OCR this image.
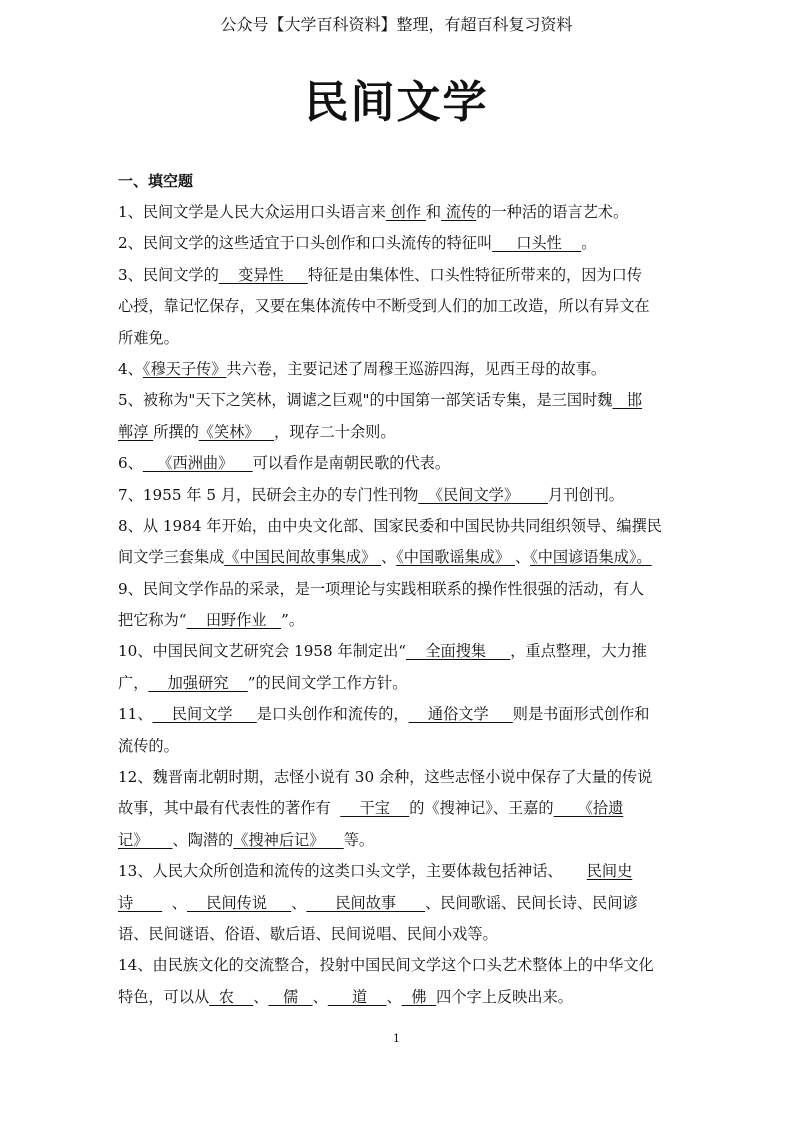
公众号【大学百科资料】整理，有超百科复习资料
民间文学
一、填空题
1、民间文学是人民大众运用口头语言来 创作 和 流传的一种活的语言艺术。
2、民间文学的这些适宜于口头创作和口头流传的特征叫     口头性    。
3、民间文学的    变异性     特征是由集体性、口头性特征所带来的，因为口传
心授，靠记忆保存，又要在集体流传中不断受到人们的加工改造，所以有异文在
所难免。
4、《穆天子传》共六卷，主要记述了周穆王巡游四海，见西王母的故事。
5、被称为"天下之笑林，调谑之巨观"的中国第一部笑话专集，是三国时魏   邯
郸淳 所撰的《笑林》   ，现存二十余则。
6、   《西洲曲》    可以看作是南朝民歌的代表。
7、1955 年 5 月，民研会主办的专门性刊物  《民间文学》      月刊创刊。
8、从 1984 年开始，由中央文化部、国家民委和中国民协共同组织领导、编撰民
间文学三套集成《中国民间故事集成》 、《中国歌谣集成》 、《中国谚语集成》。
9、民间文学作品的采录，是一项理论与实践相联系的操作性很强的活动，有人
把它称为“    田野作业   ”。
10、中国民间文艺研究会 1958 年制定出“    全面搜集     ，重点整理，大力推
广，    加强研究    ”的民间文学工作方针。
11、    民间文学     是口头创作和流传的，    通俗文学     则是书面形式创作和
流传的。
12、魏晋南北朝时期，志怪小说有 30 余种，这些志怪小说中保存了大量的传说
故事，其中最有代表性的著作有      干宝    的《搜神记》、王嘉的     《拾遗
记》     、陶潜的《搜神后记》    等。
13、人民大众所创造和流传的这类口头文学，主要体裁包括神话、     民间史
诗        、    民间传说     、      民间故事      、民间歌谣、民间长诗、民间谚
语、民间谜语、俗语、歇后语、民间说唱、民间小戏等。
14、由民族文化的交流整合，投射中国民间文学这个口头艺术整体上的中华文化
特色，可以从  农    、   儒   、     道    、  佛  四个字上反映出来。
1
